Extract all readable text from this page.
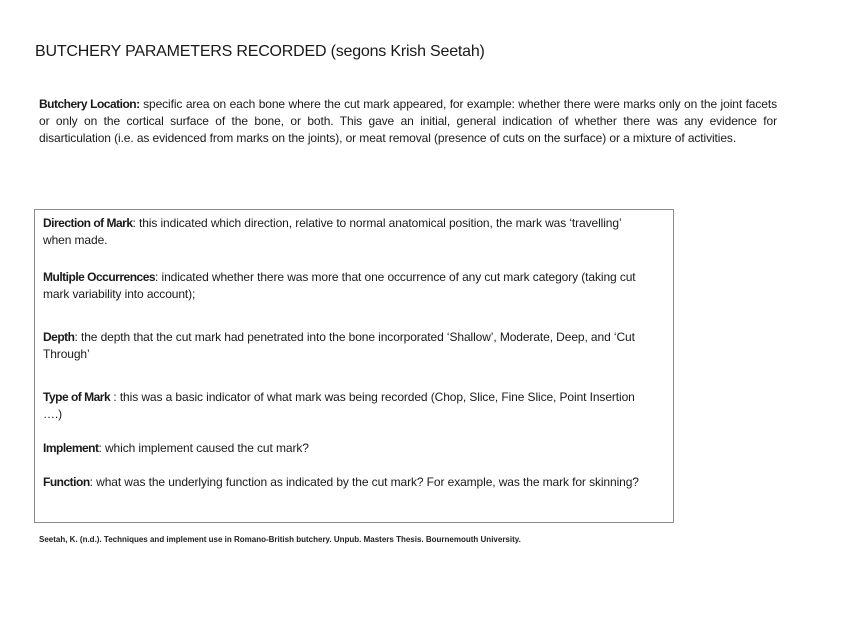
BUTCHERY PARAMETERS RECORDED (segons Krish Seetah)

Butchery Location: specific area on each bone where the cut mark appeared, for example: whether there were marks only on the joint facets or only on the cortical surface of the bone, or both. This gave an initial, general indication of whether there was any evidence for disarticulation (i.e. as evidenced from marks on the joints), or meat removal (presence of cuts on the surface) or a mixture of activities.

Direction of Mark: this indicated which direction, relative to normal anatomical position, the mark was ‘travelling’ when made.
Multiple Occurrences: indicated whether there was more that one occurrence of any cut mark category (taking cut mark variability into account);
Depth: the depth that the cut mark had penetrated into the bone incorporated ‘Shallow’, Moderate, Deep, and ‘Cut Through’
Type of Mark : this was a basic indicator of what mark was being recorded (Chop, Slice, Fine Slice, Point Insertion ….)
Implement: which implement caused the cut mark?
Function: what was the underlying function as indicated by the cut mark? For example, was the mark for skinning?
Seetah, K. (n.d.). Techniques and implement use in Romano-British butchery. Unpub. Masters Thesis. Bournemouth University.
